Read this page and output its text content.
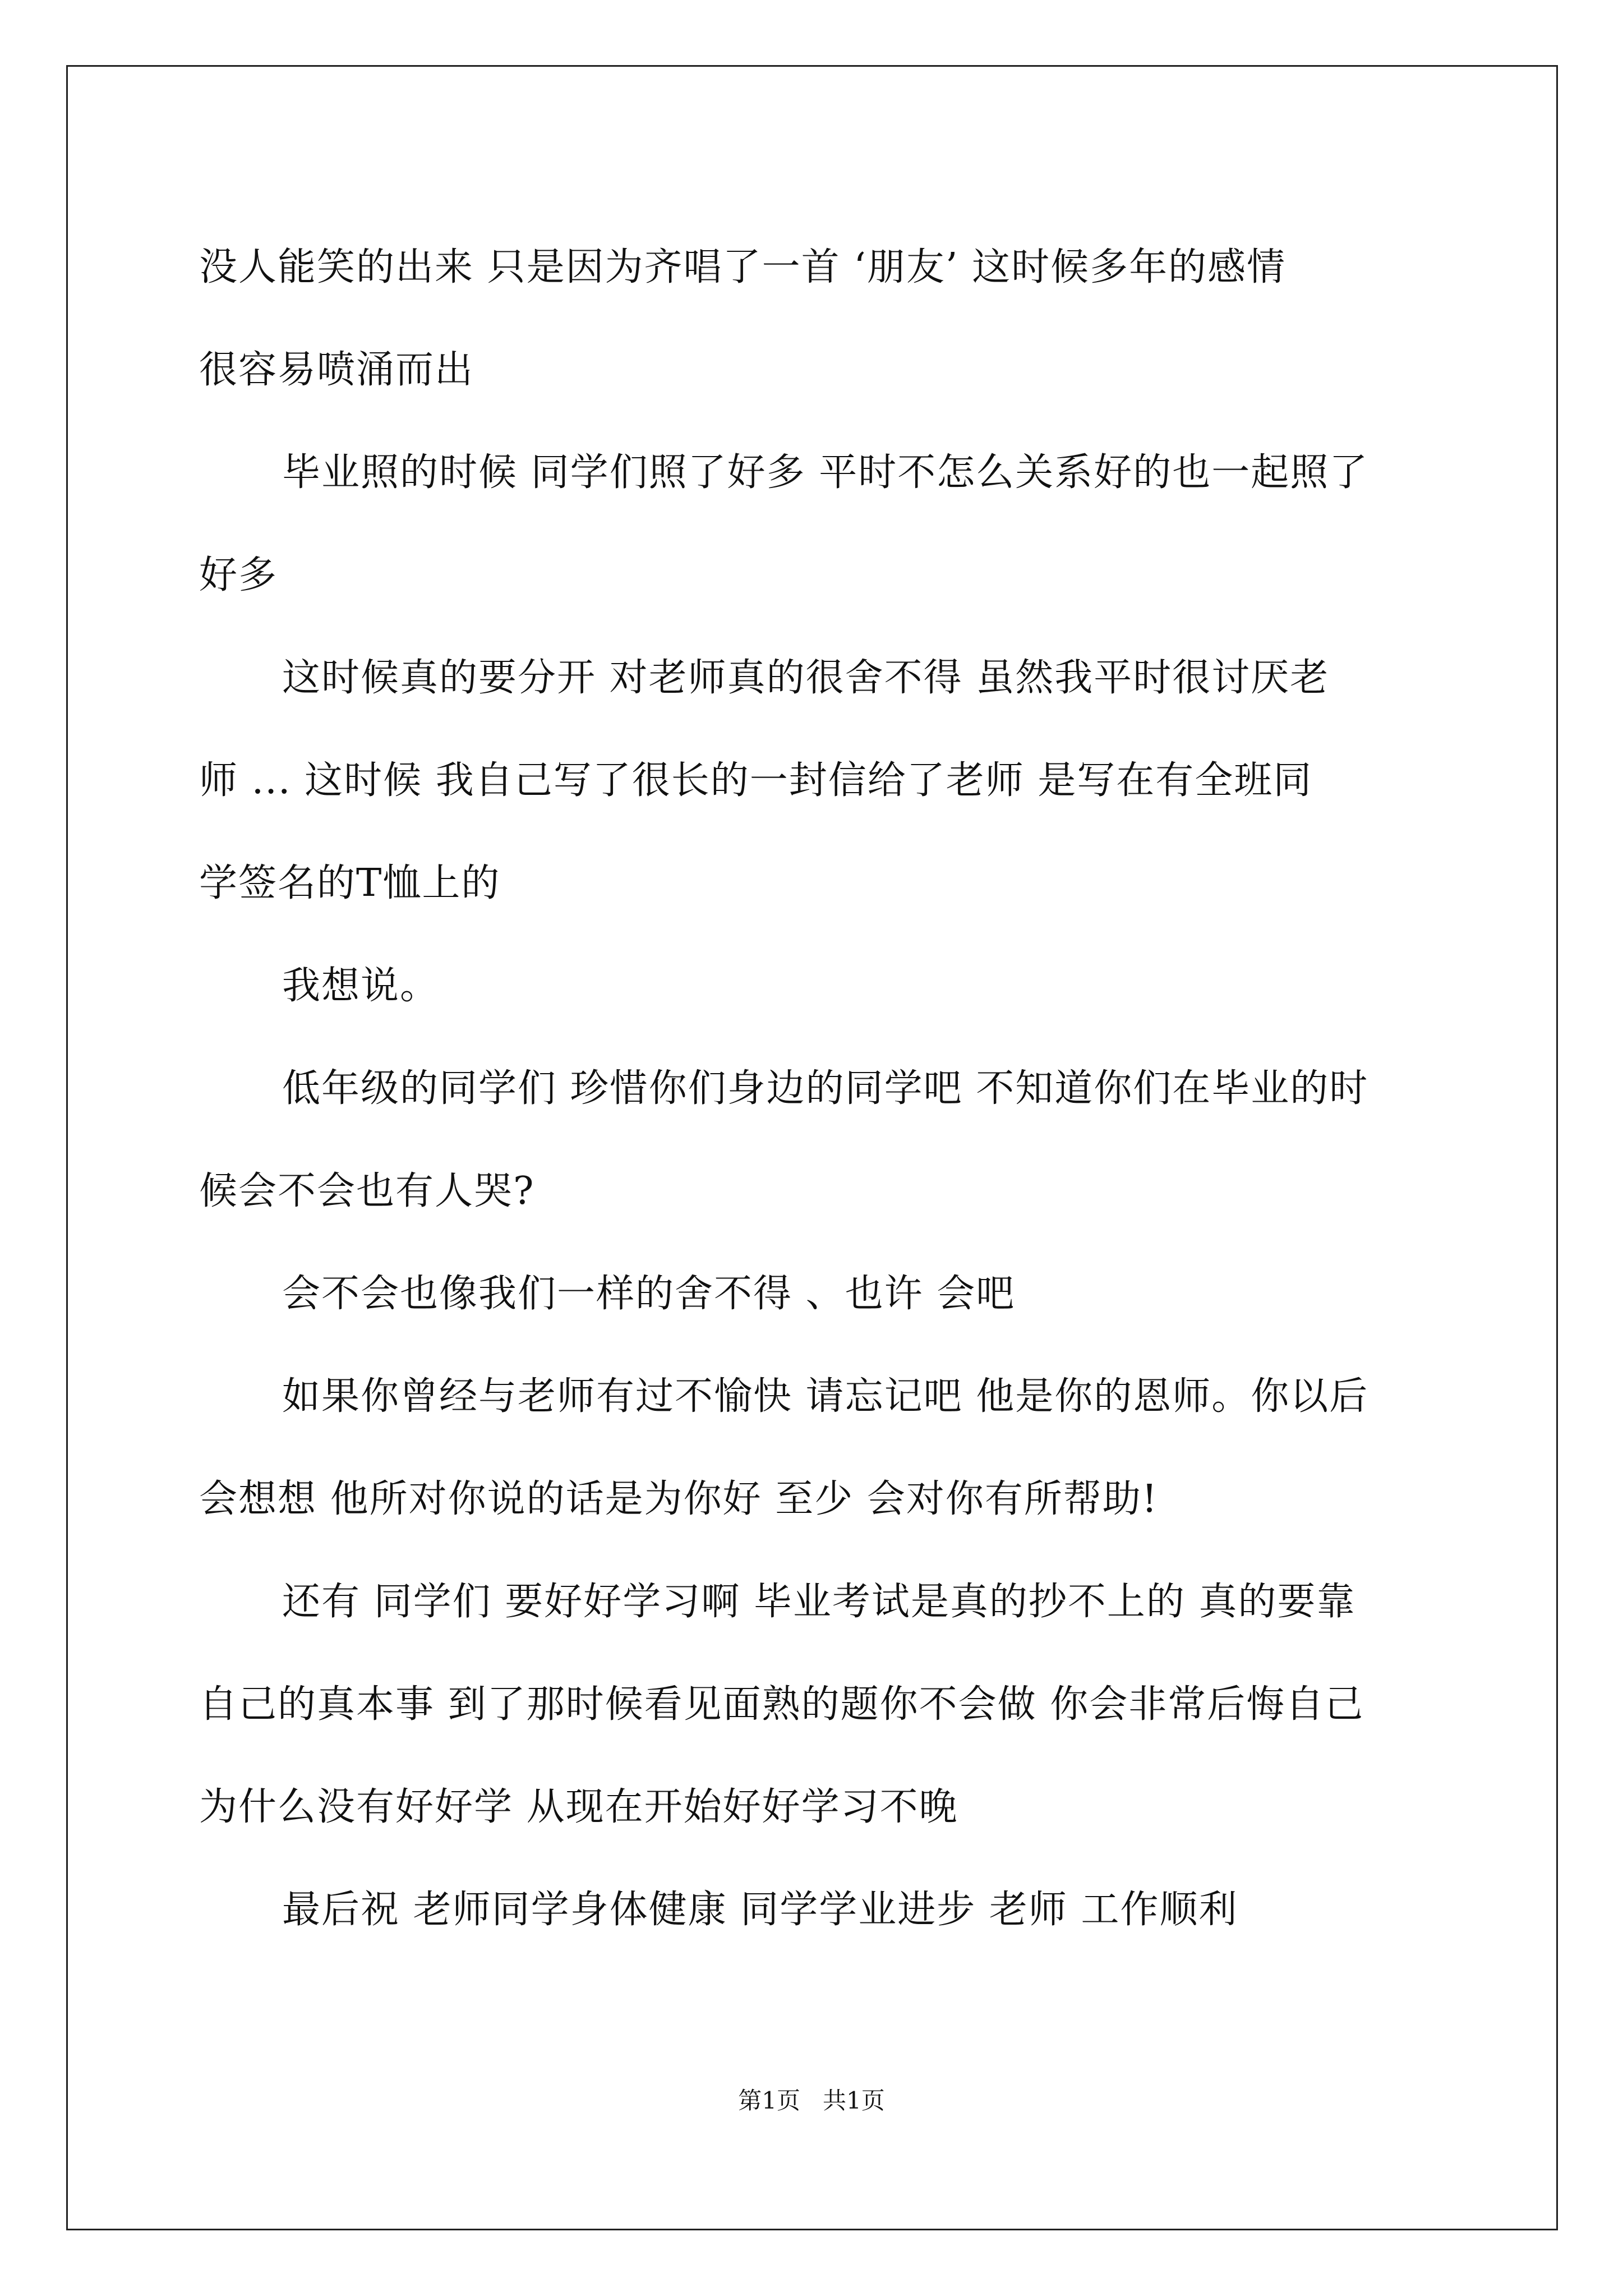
没人能笑的出来 只是因为齐唱了一首 ‘朋友’ 这时候多年的感情
很容易喷涌而出
毕业照的时候 同学们照了好多 平时不怎么关系好的也一起照了
好多
这时候真的要分开 对老师真的很舍不得 虽然我平时很讨厌老
师 ... 这时候 我自己写了很长的一封信给了老师 是写在有全班同
学签名的T恤上的
我想说。
低年级的同学们 珍惜你们身边的同学吧 不知道你们在毕业的时
候会不会也有人哭?
会不会也像我们一样的舍不得 、也许 会吧
如果你曾经与老师有过不愉快 请忘记吧 他是你的恩师。你以后
会想想 他所对你说的话是为你好 至少 会对你有所帮助!
还有 同学们 要好好学习啊 毕业考试是真的抄不上的 真的要靠
自己的真本事 到了那时候看见面熟的题你不会做 你会非常后悔自己
为什么没有好好学 从现在开始好好学习不晚
最后祝 老师同学身体健康 同学学业进步 老师 工作顺利
第1页   共1页
